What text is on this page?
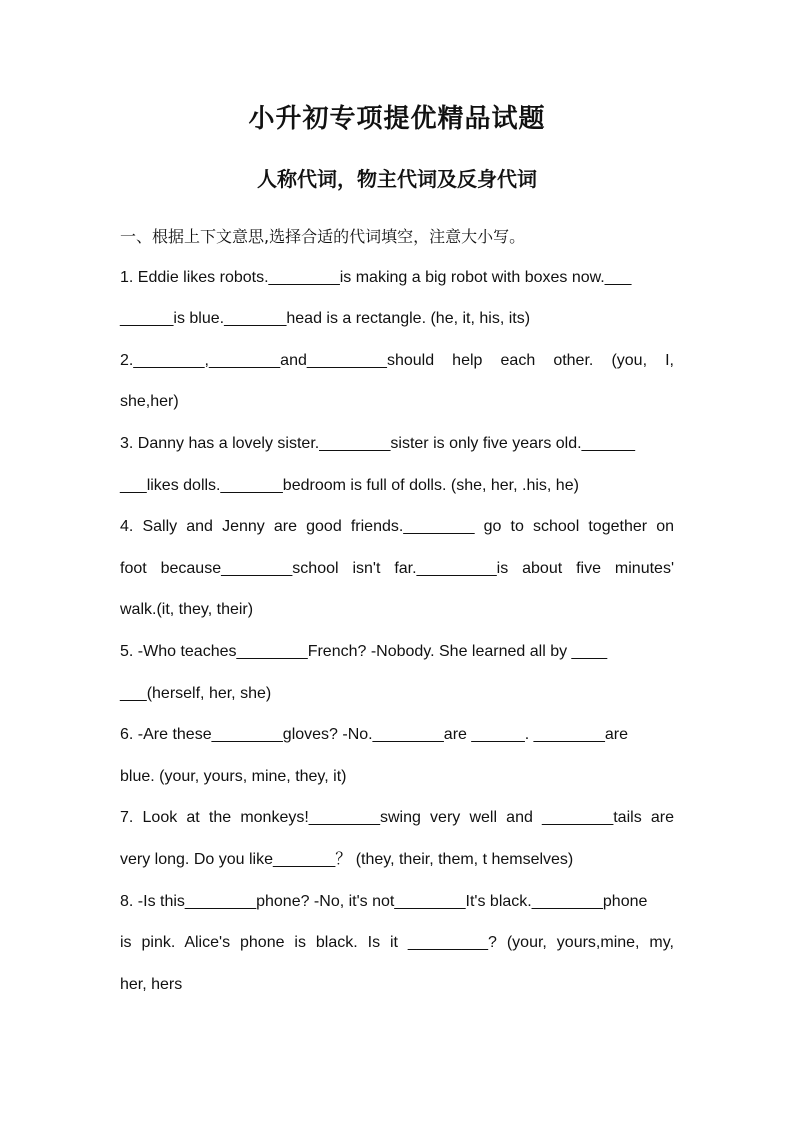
小升初专项提优精品试题
人称代词，物主代词及反身代词
一、根据上下文意思,选择合适的代词填空，注意大小写。
1. Eddie likes robots.________is making a big robot with boxes now.___
______is blue._______head is a rectangle. (he, it, his, its)
2.________,________and_________should help each other. (you, I,
she,her)
3. Danny has a lovely sister.________sister is only five years old.______
___likes dolls._______bedroom is full of dolls. (she, her, .his, he)
4. Sally and Jenny are good friends.________ go to school together on
foot because________school isn't far._________is about five minutes'
walk.(it, they, their)
5. -Who teaches________French? -Nobody. She learned all by ____
___(herself, her, she)
6. -Are these________gloves? -No.________are ______. ________are
blue. (your, yours, mine, they, it)
7. Look at the monkeys!________swing very well and ________tails are
very long. Do you like_______？ (they, their, them, t hemselves)
8. -Is this________phone? -No, it's not________It's black.________phone
is pink. Alice's phone is black. Is it _________? (your, yours,mine, my,
her, hers
